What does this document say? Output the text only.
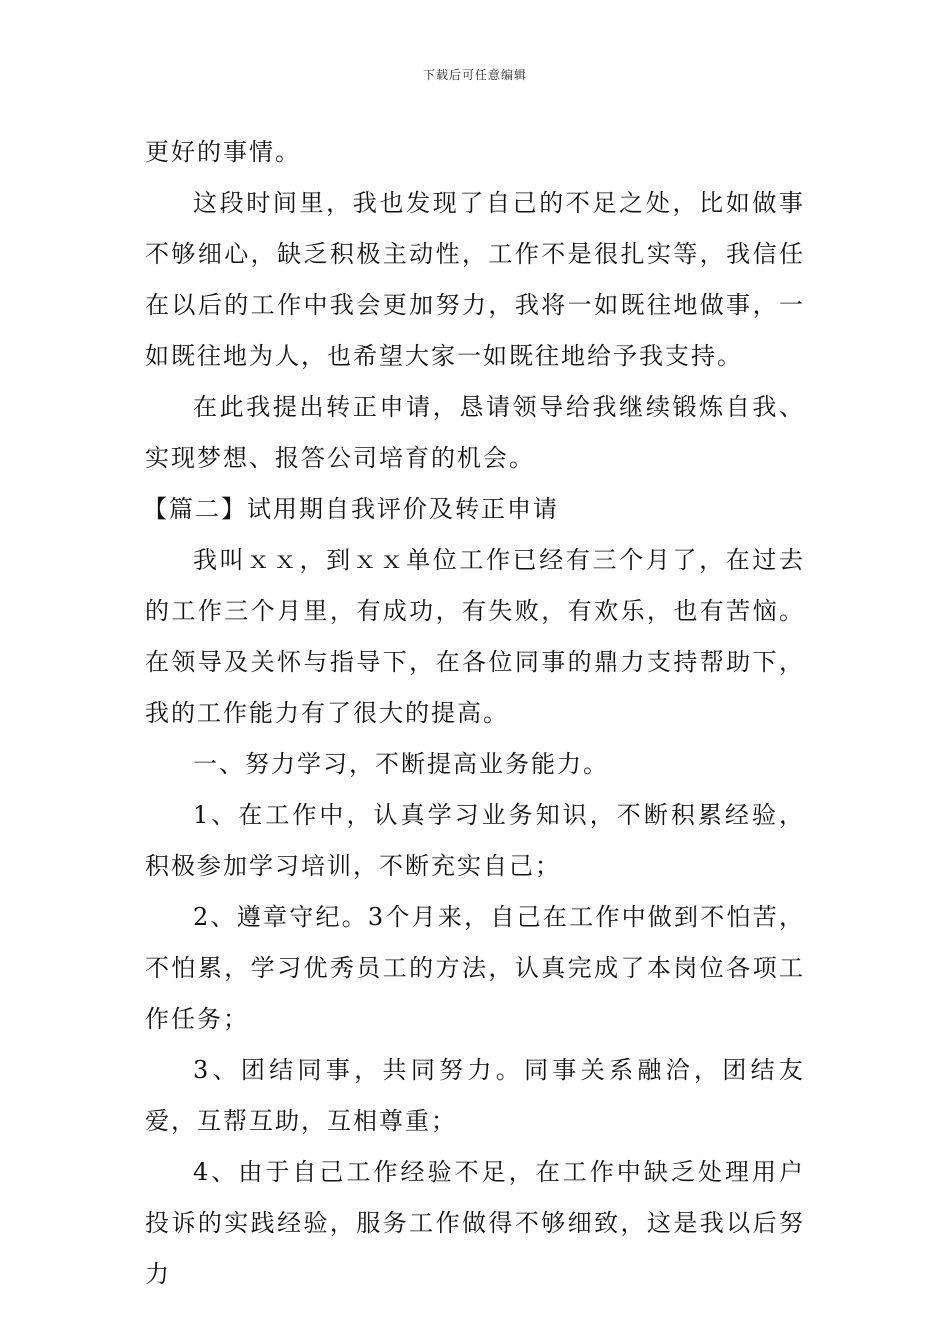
下载后可任意编辑

更好的事情。

这段时间里，我也发现了自己的不足之处，比如做事不够细心，缺乏积极主动性，工作不是很扎实等，我信任在以后的工作中我会更加努力，我将一如既往地做事，一如既往地为人，也希望大家一如既往地给予我支持。

在此我提出转正申请，恳请领导给我继续锻炼自我、实现梦想、报答公司培育的机会。

【篇二】试用期自我评价及转正申请

我叫ｘｘ，到ｘｘ单位工作已经有三个月了，在过去的工作三个月里，有成功，有失败，有欢乐，也有苦恼。在领导及关怀与指导下，在各位同事的鼎力支持帮助下，我的工作能力有了很大的提高。

一、努力学习，不断提高业务能力。

1、在工作中，认真学习业务知识，不断积累经验，积极参加学习培训，不断充实自己；

2、遵章守纪。3个月来，自己在工作中做到不怕苦，不怕累，学习优秀员工的方法，认真完成了本岗位各项工作任务；

3、团结同事，共同努力。同事关系融洽，团结友爱，互帮互助，互相尊重；

4、由于自己工作经验不足，在工作中缺乏处理用户投诉的实践经验，服务工作做得不够细致，这是我以后努力
